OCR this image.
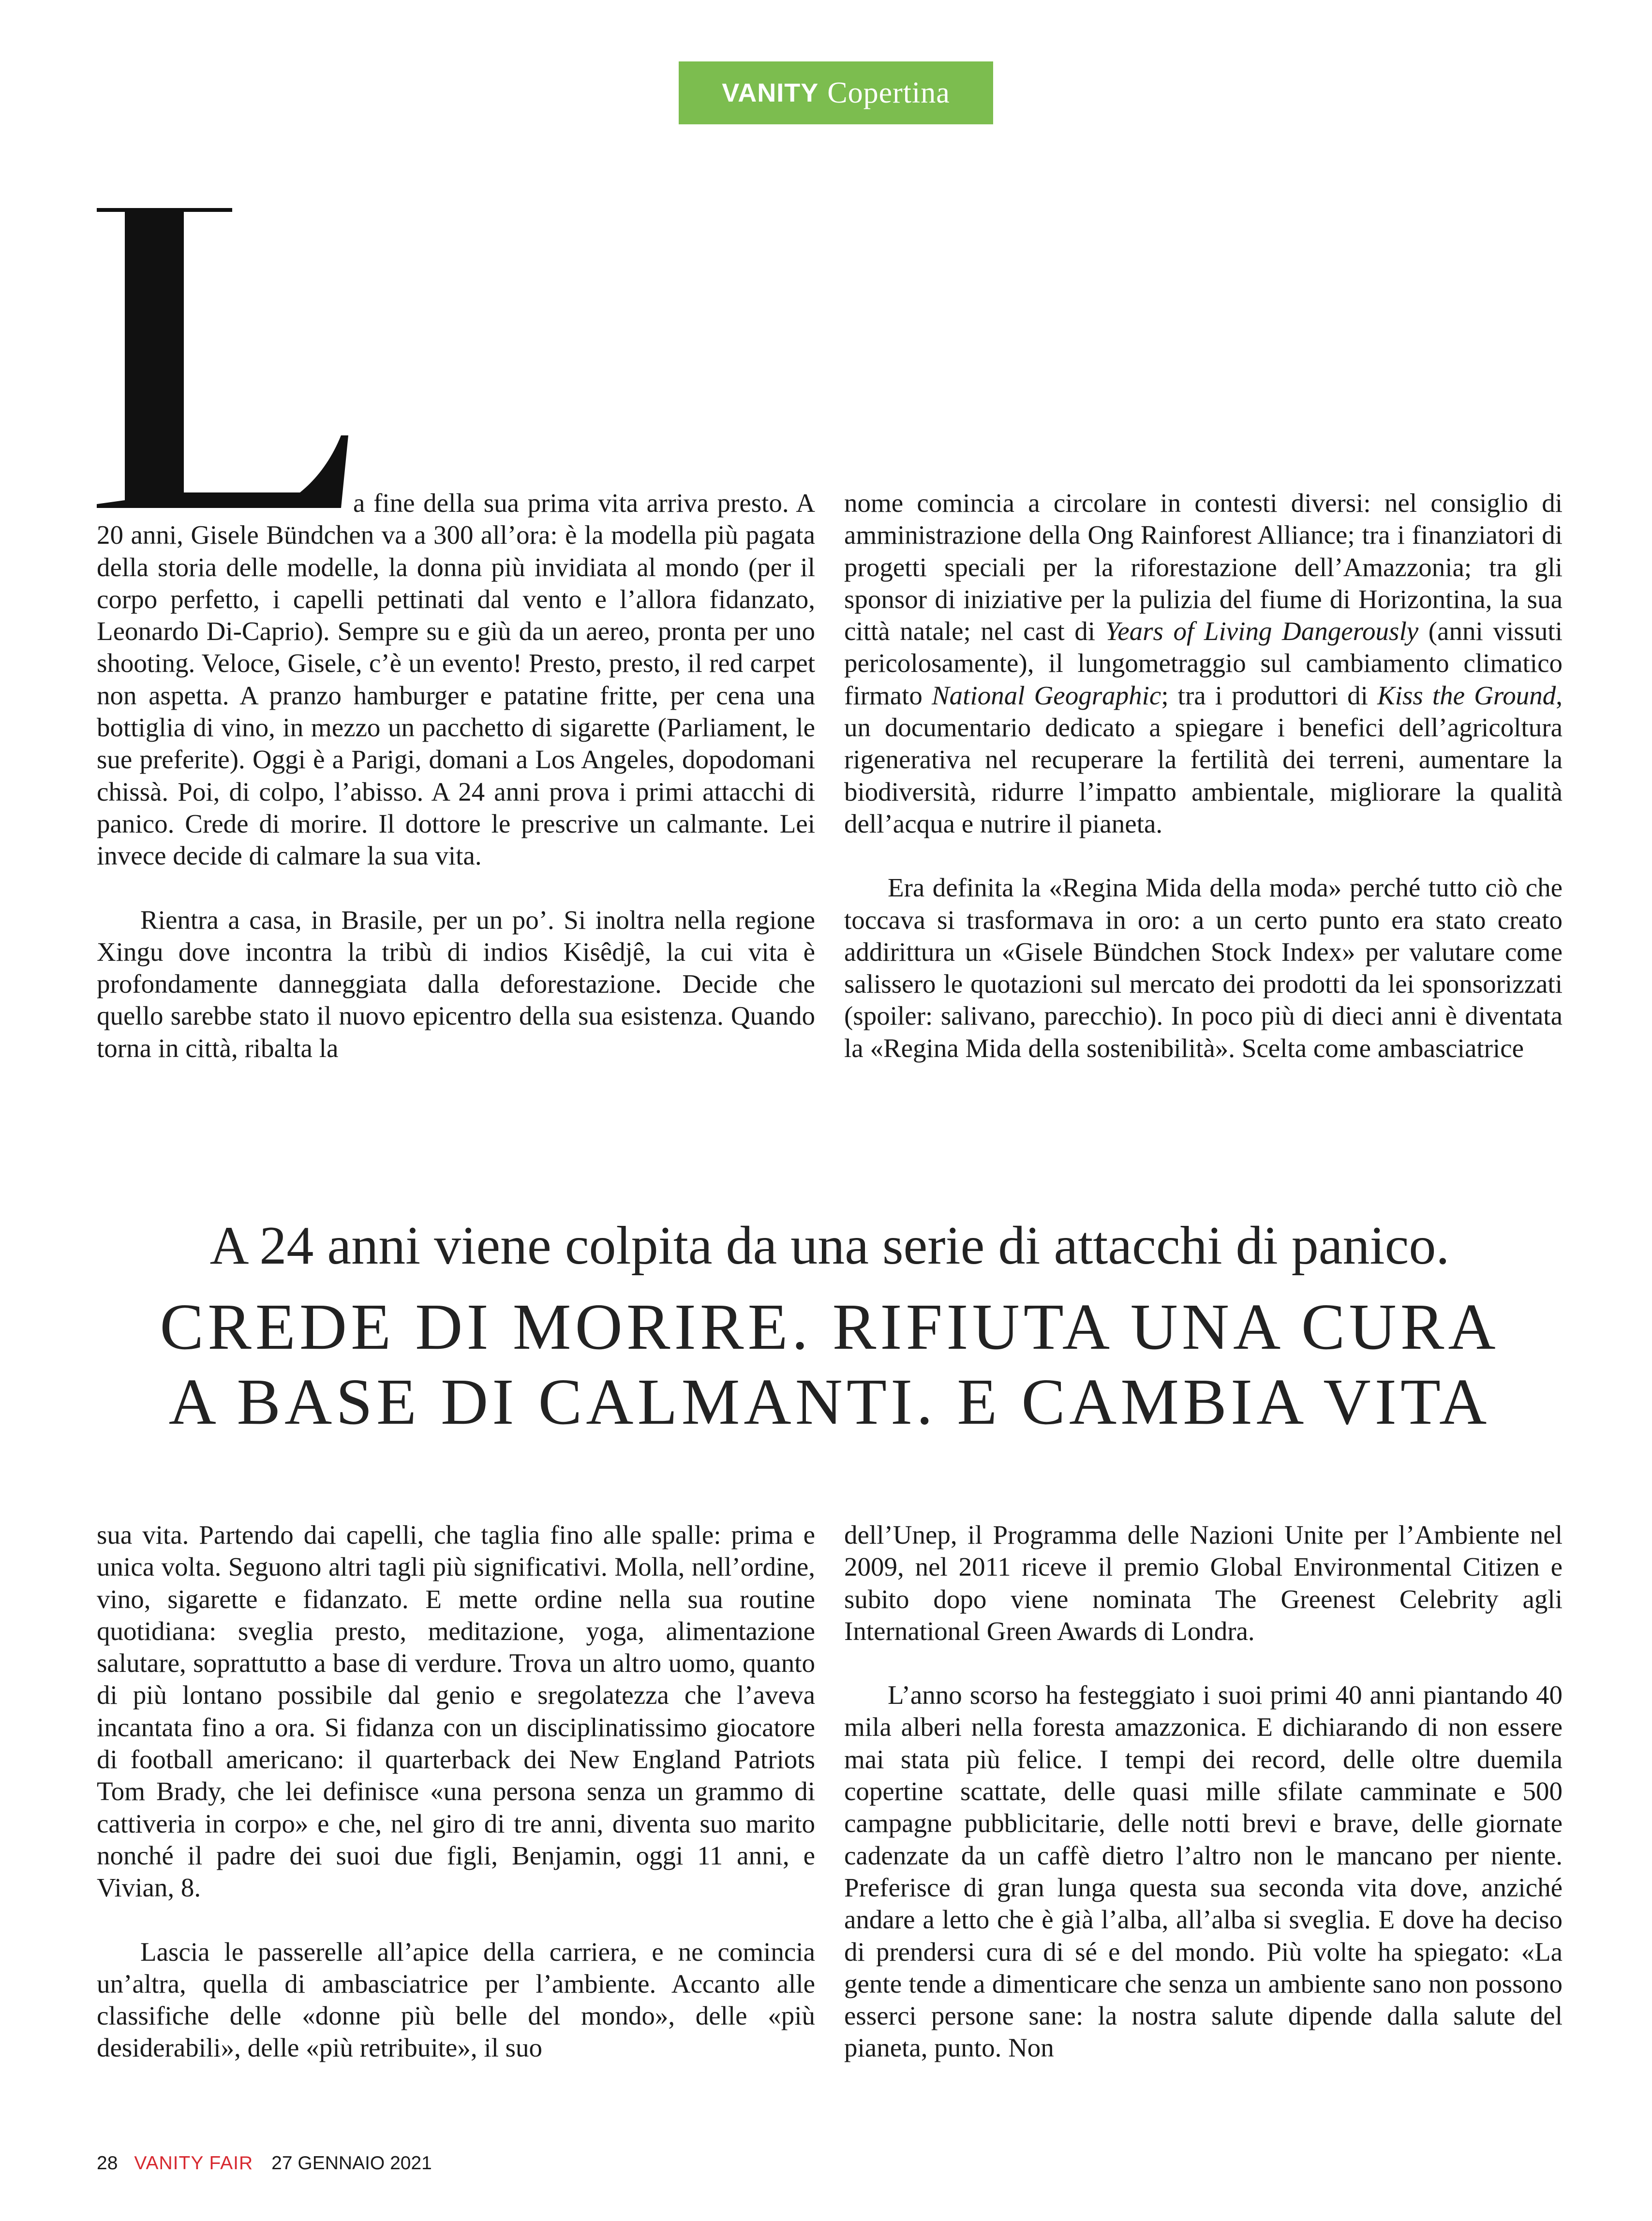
VANITY Copertina

a fine della sua prima vita arriva presto. A 20 anni, Gisele Bündchen va a 300 all’ora: è la modella più pagata della storia delle modelle, la donna più invidiata al mondo (per il corpo perfetto, i capelli pettinati dal vento e l’allora fidanzato, Leonardo Di-Caprio). Sempre su e giù da un aereo, pronta per uno shooting. Veloce, Gisele, c’è un evento! Presto, presto, il red carpet non aspetta. A pranzo hamburger e patatine fritte, per cena una bottiglia di vino, in mezzo un pacchetto di sigarette (Parliament, le sue preferite). Oggi è a Parigi, domani a Los Angeles, dopodomani chissà. Poi, di colpo, l’abisso. A 24 anni prova i primi attacchi di panico. Crede di morire. Il dottore le prescrive un calmante. Lei invece decide di calmare la sua vita.

Rientra a casa, in Brasile, per un po’. Si inoltra nella regione Xingu dove incontra la tribù di indios Kisêdjê, la cui vita è profondamente danneggiata dalla deforestazione. Decide che quello sarebbe stato il nuovo epicentro della sua esistenza. Quando torna in città, ribalta la

nome comincia a circolare in contesti diversi: nel consiglio di amministrazione della Ong Rainforest Alliance; tra i finanziatori di progetti speciali per la riforestazione dell’Amazzonia; tra gli sponsor di iniziative per la pulizia del fiume di Horizontina, la sua città natale; nel cast di Years of Living Dangerously (anni vissuti pericolosamente), il lungometraggio sul cambiamento climatico firmato National Geographic; tra i produttori di Kiss the Ground, un documentario dedicato a spiegare i benefici dell’agricoltura rigenerativa nel recuperare la fertilità dei terreni, aumentare la biodiversità, ridurre l’impatto ambientale, migliorare la qualità dell’acqua e nutrire il pianeta.

Era definita la «Regina Mida della moda» perché tutto ciò che toccava si trasformava in oro: a un certo punto era stato creato addirittura un «Gisele Bündchen Stock Index» per valutare come salissero le quotazioni sul mercato dei prodotti da lei sponsorizzati (spoiler: salivano, parecchio). In poco più di dieci anni è diventata la «Regina Mida della sostenibilità». Scelta come ambasciatrice

A 24 anni viene colpita da una serie di attacchi di panico.

CREDE DI MORIRE. RIFIUTA UNA CURA

A BASE DI CALMANTI. E CAMBIA VITA

sua vita. Partendo dai capelli, che taglia fino alle spalle: prima e unica volta. Seguono altri tagli più significativi. Molla, nell’ordine, vino, sigarette e fidanzato. E mette ordine nella sua routine quotidiana: sveglia presto, meditazione, yoga, alimentazione salutare, soprattutto a base di verdure. Trova un altro uomo, quanto di più lontano possibile dal genio e sregolatezza che l’aveva incantata fino a ora. Si fidanza con un disciplinatissimo giocatore di football americano: il quarterback dei New England Patriots Tom Brady, che lei definisce «una persona senza un grammo di cattiveria in corpo» e che, nel giro di tre anni, diventa suo marito nonché il padre dei suoi due figli, Benjamin, oggi 11 anni, e Vivian, 8.

Lascia le passerelle all’apice della carriera, e ne comincia un’altra, quella di ambasciatrice per l’ambiente. Accanto alle classifiche delle «donne più belle del mondo», delle «più desiderabili», delle «più retribuite», il suo

dell’Unep, il Programma delle Nazioni Unite per l’Ambiente nel 2009, nel 2011 riceve il premio Global Environmental Citizen e subito dopo viene nominata The Greenest Celebrity agli International Green Awards di Londra.

L’anno scorso ha festeggiato i suoi primi 40 anni piantando 40 mila alberi nella foresta amazzonica. E dichiarando di non essere mai stata più felice. I tempi dei record, delle oltre duemila copertine scattate, delle quasi mille sfilate camminate e 500 campagne pubblicitarie, delle notti brevi e brave, delle giornate cadenzate da un caffè dietro l’altro non le mancano per niente. Preferisce di gran lunga questa sua seconda vita dove, anziché andare a letto che è già l’alba, all’alba si sveglia. E dove ha deciso di prendersi cura di sé e del mondo. Più volte ha spiegato: «La gente tende a dimenticare che senza un ambiente sano non possono esserci persone sane: la nostra salute dipende dalla salute del pianeta, punto. Non

28 VANITY FAIR 27 GENNAIO 2021
